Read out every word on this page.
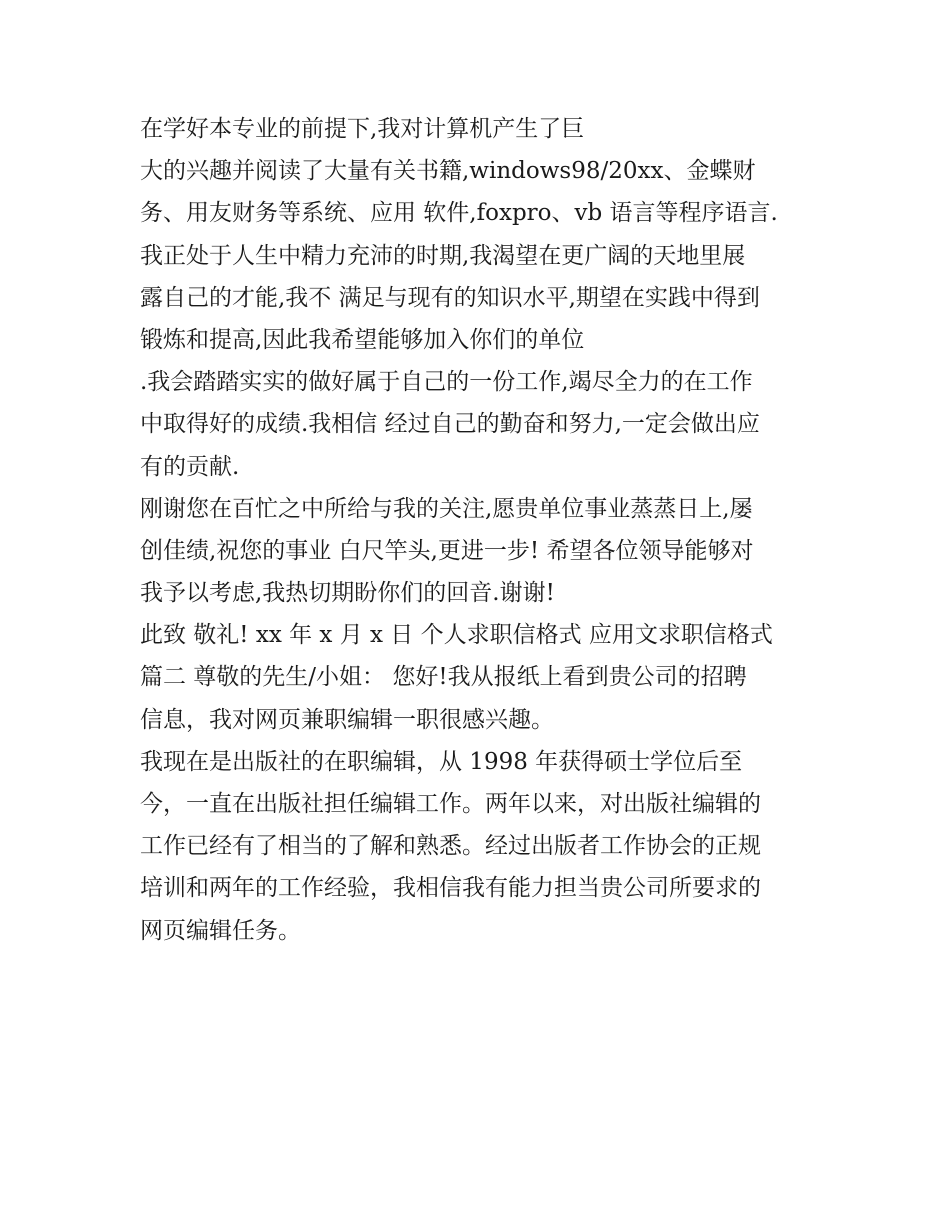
在学好本专业的前提下,我对计算机产生了巨
大的兴趣并阅读了大量有关书籍,windows98/20xx、金蝶财
务、用友财务等系统、应用 软件,foxpro、vb 语言等程序语言.
我正处于人生中精力充沛的时期,我渴望在更广阔的天地里展
露自己的才能,我不 满足与现有的知识水平,期望在实践中得到
锻炼和提高,因此我希望能够加入你们的单位
.我会踏踏实实的做好属于自己的一份工作,竭尽全力的在工作
中取得好的成绩.我相信 经过自己的勤奋和努力,一定会做出应
有的贡献.
刚谢您在百忙之中所给与我的关注,愿贵单位事业蒸蒸日上,屡
创佳绩,祝您的事业 白尺竿头,更进一步! 希望各位领导能够对
我予以考虑,我热切期盼你们的回音.谢谢!
此致 敬礼! xx 年 x 月 x 日 个人求职信格式 应用文求职信格式
篇二 尊敬的先生/小姐： 您好!我从报纸上看到贵公司的招聘
信息，我对网页兼职编辑一职很感兴趣。
我现在是出版社的在职编辑，从 1998 年获得硕士学位后至
今，一直在出版社担任编辑工作。两年以来，对出版社编辑的
工作已经有了相当的了解和熟悉。经过出版者工作协会的正规
培训和两年的工作经验，我相信我有能力担当贵公司所要求的
网页编辑任务。
